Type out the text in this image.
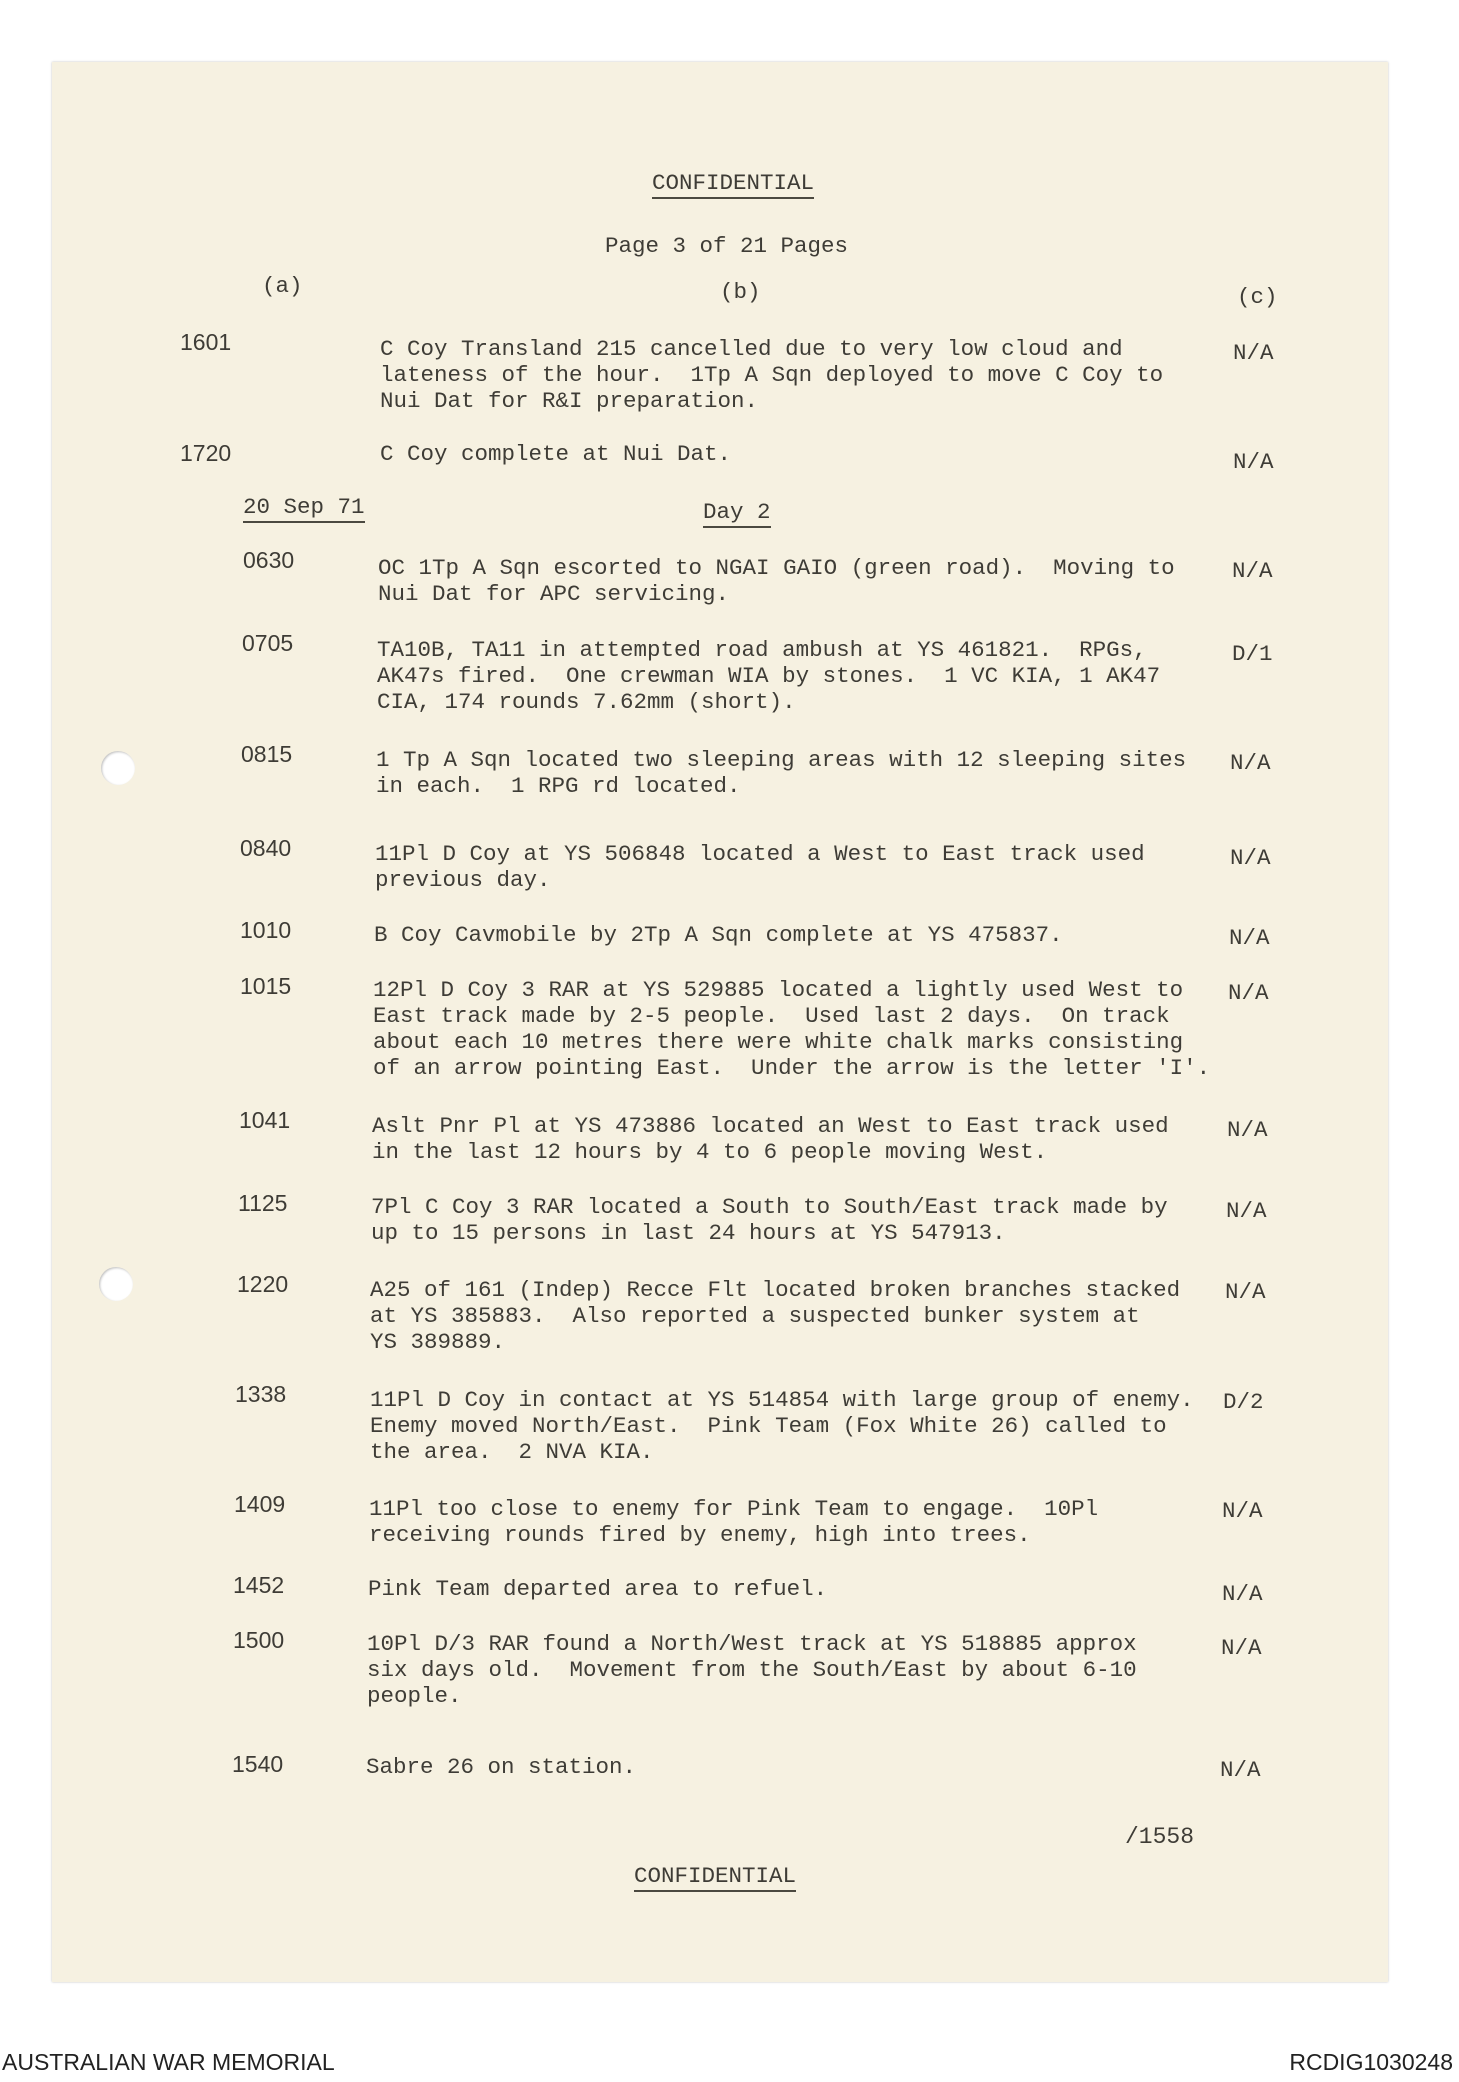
CONFIDENTIAL
Page 3 of 21 Pages
(a)	(b)	(c)
1601	C Coy Transland 215 cancelled due to very low cloud and
lateness of the hour.  1Tp A Sqn deployed to move C Coy to
Nui Dat for R&I preparation.
N/A
1720	C Coy complete at Nui Dat.	N/A
20 Sep 71	Day 2
0630	OC 1Tp A Sqn escorted to NGAI GAIO (green road).  Moving to
Nui Dat for APC servicing.
N/A
0705	TA10B, TA11 in attempted road ambush at YS 461821.  RPGs,
AK47s fired.  One crewman WIA by stones.  1 VC KIA, 1 AK47
CIA, 174 rounds 7.62mm (short).
D/1
0815	1 Tp A Sqn located two sleeping areas with 12 sleeping sites
in each.  1 RPG rd located.
N/A
0840	11Pl D Coy at YS 506848 located a West to East track used
previous day.
N/A
1010	B Coy Cavmobile by 2Tp A Sqn complete at YS 475837.	N/A
1015	12Pl D Coy 3 RAR at YS 529885 located a lightly used West to
East track made by 2-5 people.  Used last 2 days.  On track
about each 10 metres there were white chalk marks consisting
of an arrow pointing East.  Under the arrow is the letter 'I'.
N/A
1041	Aslt Pnr Pl at YS 473886 located an West to East track used
in the last 12 hours by 4 to 6 people moving West.
N/A
1125	7Pl C Coy 3 RAR located a South to South/East track made by
up to 15 persons in last 24 hours at YS 547913.
N/A
1220	A25 of 161 (Indep) Recce Flt located broken branches stacked
at YS 385883.  Also reported a suspected bunker system at
YS 389889.
N/A
1338	11Pl D Coy in contact at YS 514854 with large group of enemy.
Enemy moved North/East.  Pink Team (Fox White 26) called to
the area.  2 NVA KIA.
D/2
1409	11Pl too close to enemy for Pink Team to engage.  10Pl
receiving rounds fired by enemy, high into trees.
N/A
1452	Pink Team departed area to refuel.	N/A
1500	10Pl D/3 RAR found a North/West track at YS 518885 approx
six days old.  Movement from the South/East by about 6-10
people.
N/A
1540	Sabre 26 on station.	N/A
/1558
CONFIDENTIAL
AUSTRALIAN WAR MEMORIAL	RCDIG1030248
